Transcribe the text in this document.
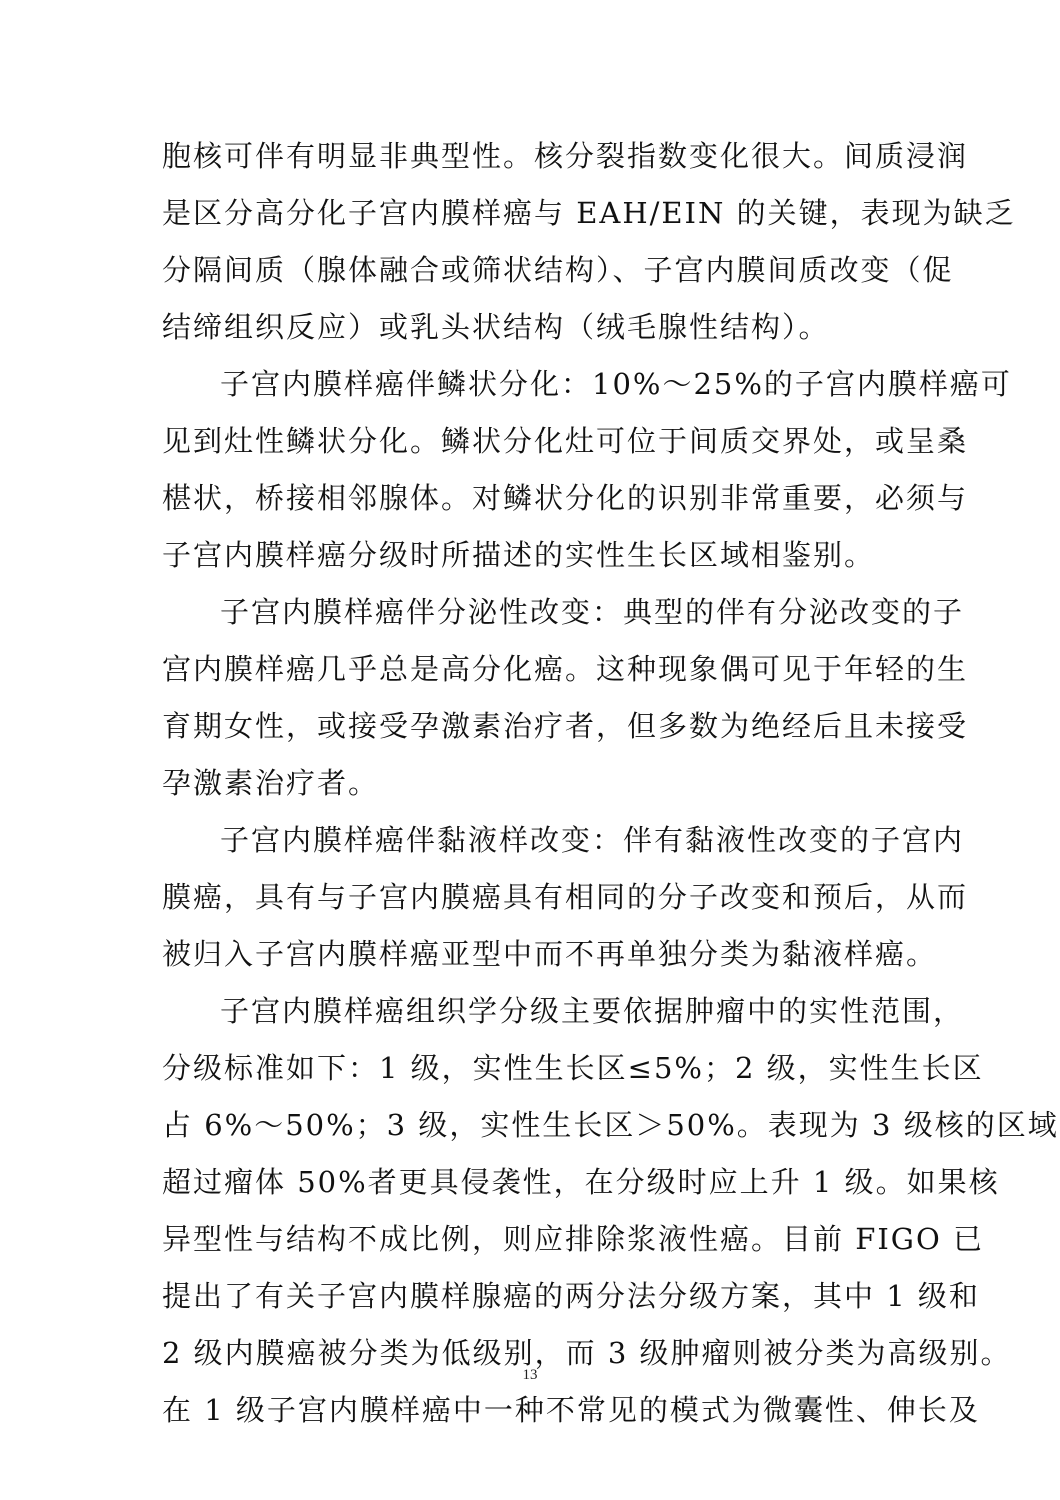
胞核可伴有明显非典型性。核分裂指数变化很大。间质浸润
是区分高分化子宫内膜样癌与 EAH/EIN 的关键，表现为缺乏
分隔间质（腺体融合或筛状结构）、子宫内膜间质改变（促
结缔组织反应）或乳头状结构（绒毛腺性结构）。
子宫内膜样癌伴鳞状分化：10%～25%的子宫内膜样癌可
见到灶性鳞状分化。鳞状分化灶可位于间质交界处，或呈桑
椹状，桥接相邻腺体。对鳞状分化的识别非常重要，必须与
子宫内膜样癌分级时所描述的实性生长区域相鉴别。
子宫内膜样癌伴分泌性改变：典型的伴有分泌改变的子
宫内膜样癌几乎总是高分化癌。这种现象偶可见于年轻的生
育期女性，或接受孕激素治疗者，但多数为绝经后且未接受
孕激素治疗者。
子宫内膜样癌伴黏液样改变：伴有黏液性改变的子宫内
膜癌，具有与子宫内膜癌具有相同的分子改变和预后，从而
被归入子宫内膜样癌亚型中而不再单独分类为黏液样癌。
子宫内膜样癌组织学分级主要依据肿瘤中的实性范围，
分级标准如下：1 级，实性生长区≤5%；2 级，实性生长区
占 6%～50%；3 级，实性生长区＞50%。表现为 3 级核的区域
超过瘤体 50%者更具侵袭性，在分级时应上升 1 级。如果核
异型性与结构不成比例，则应排除浆液性癌。目前 FIGO 已
提出了有关子宫内膜样腺癌的两分法分级方案，其中 1 级和
2 级内膜癌被分类为低级别，而 3 级肿瘤则被分类为高级别。
在 1 级子宫内膜样癌中一种不常见的模式为微囊性、伸长及
13
